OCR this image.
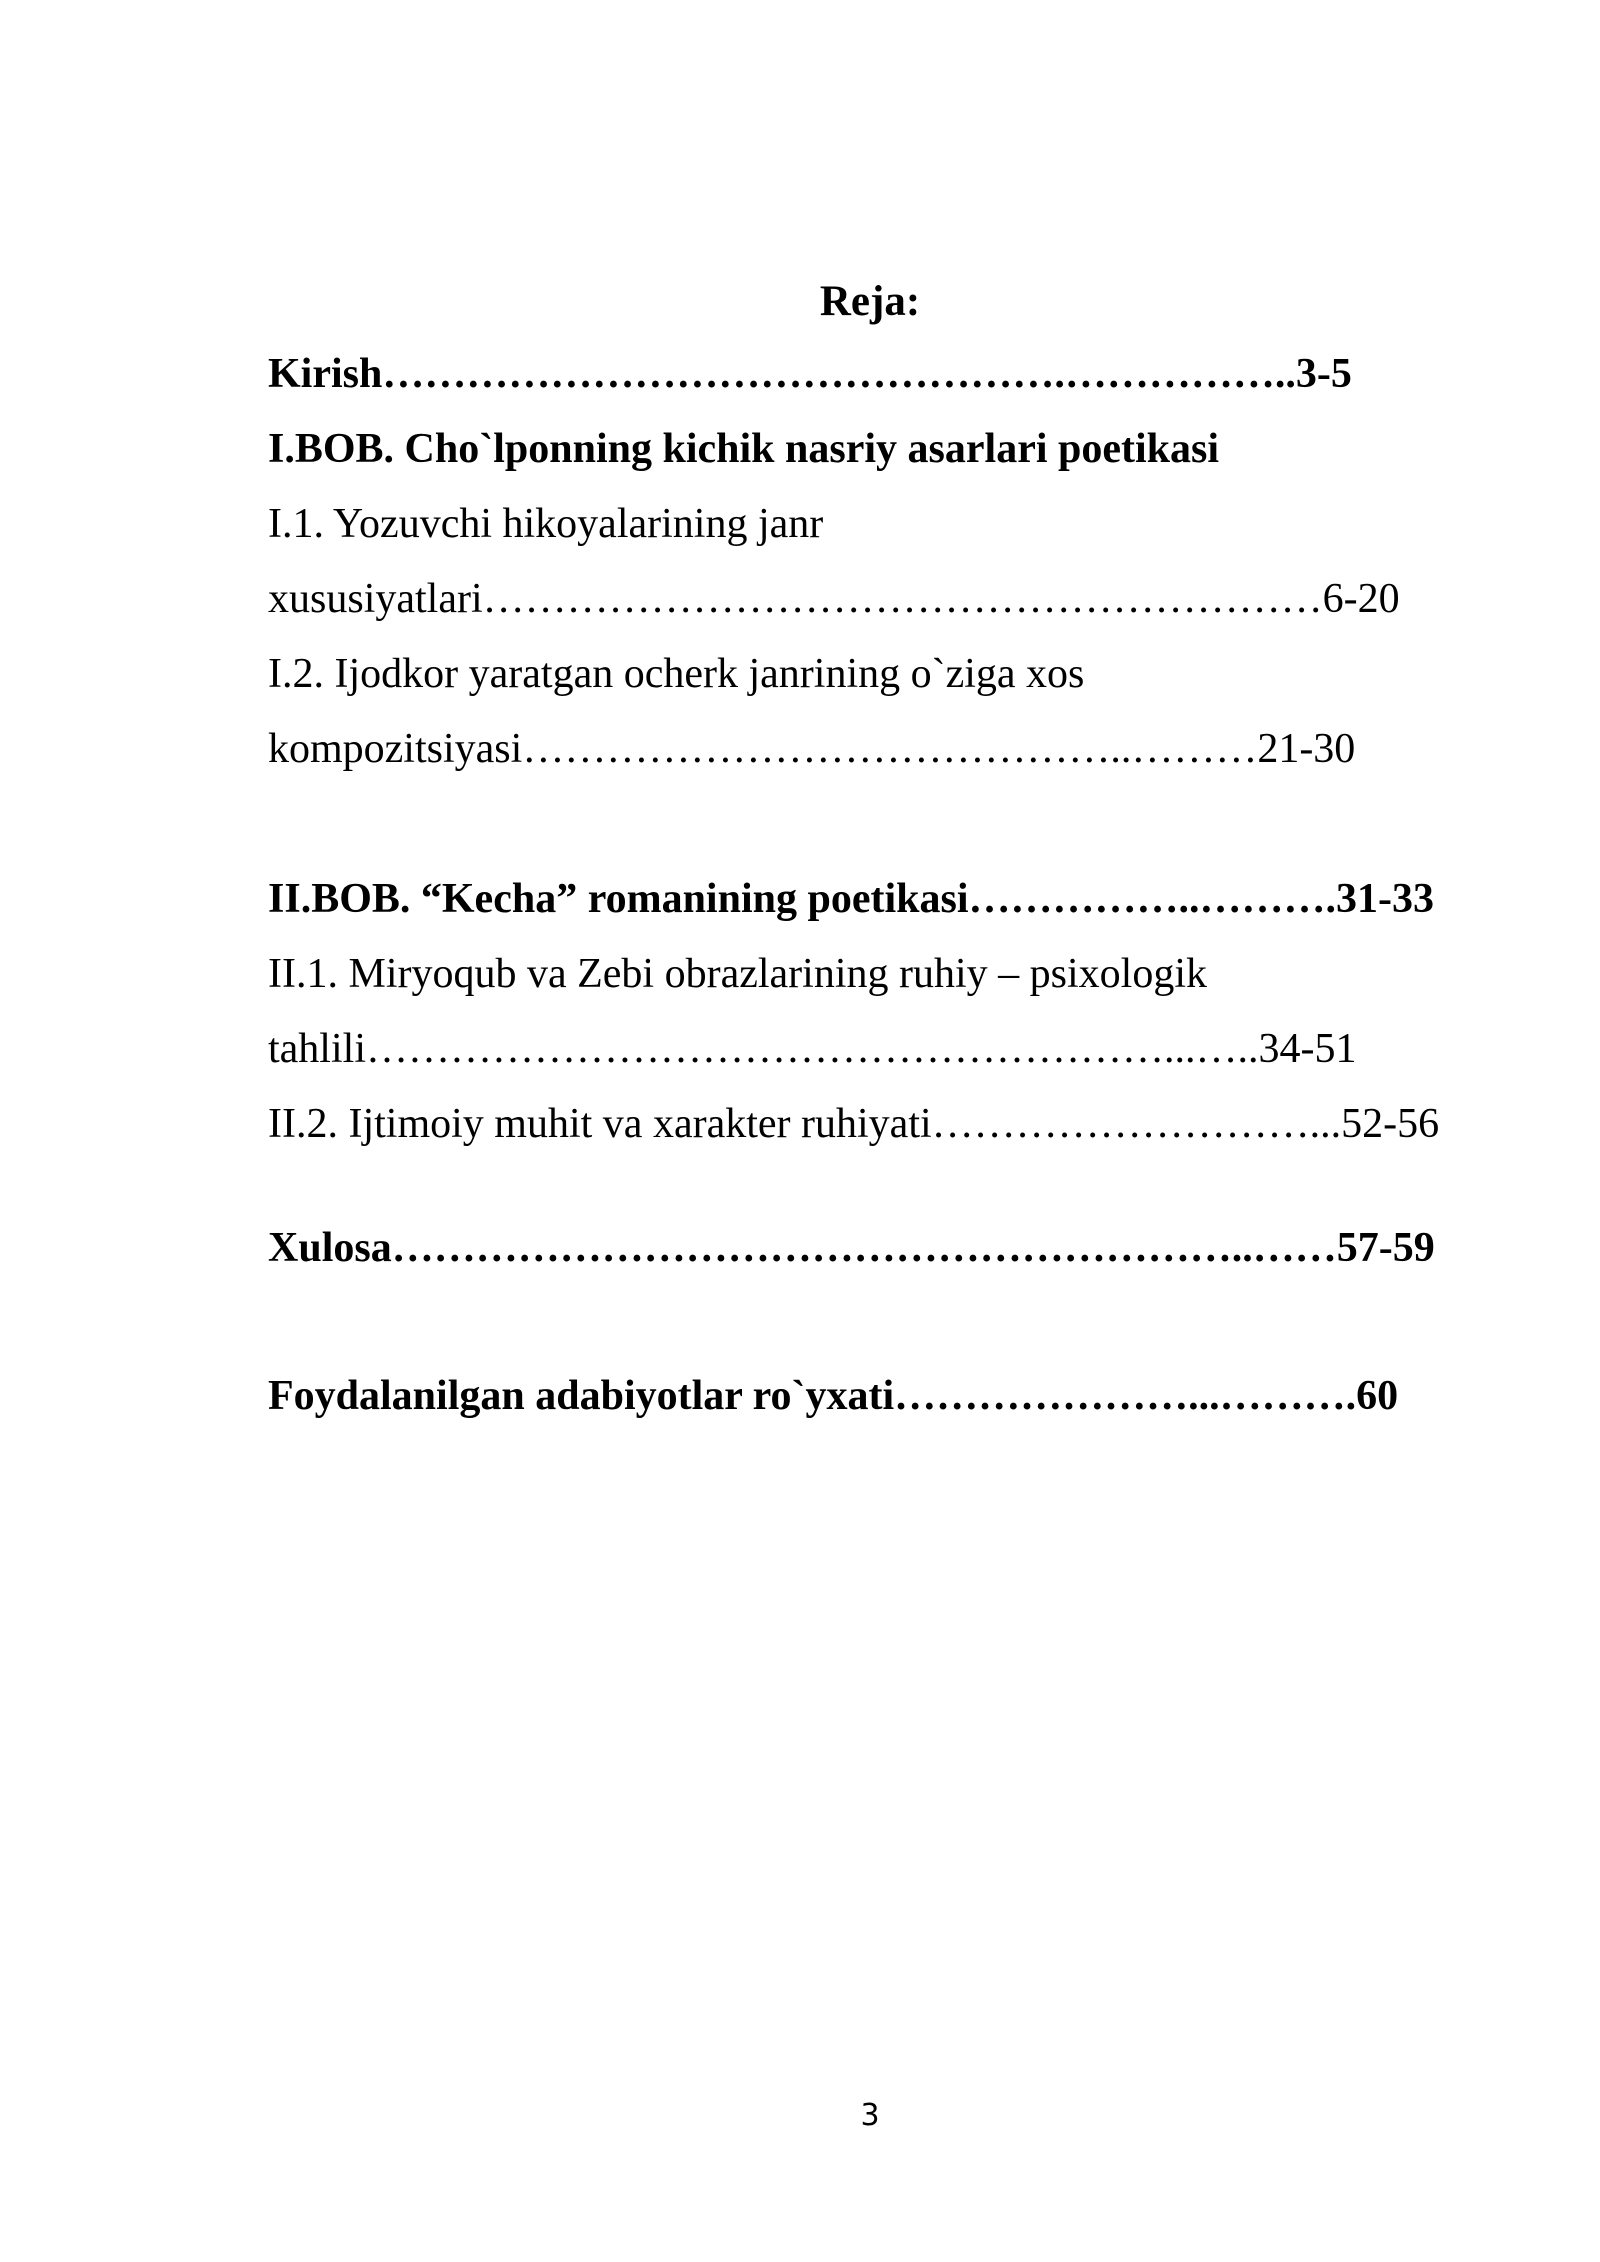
Reja:
Kirish………………………………………….……………..3-5
I.BOB. Cho`lponning kichik nasriy asarlari poetikasi
I.1. Yozuvchi hikoyalarining janr
xususiyatlari……………………………………………………6-20
I.2. Ijodkor yaratgan ocherk janrining o`ziga xos
kompozitsiyasi……………………………………..………21-30
II.BOB. “Kecha” romanining poetikasi……………..……….31-33
II.1. Miryoqub va Zebi obrazlarining ruhiy – psixologik
tahlili…………………………………………………...…..34-51
II.2. Ijtimoiy muhit va xarakter ruhiyati………………………...52-56
Xulosa……………………………………………………..……57-59
Foydalanilgan adabiyotlar ro`yxati…………………...……….60
3
